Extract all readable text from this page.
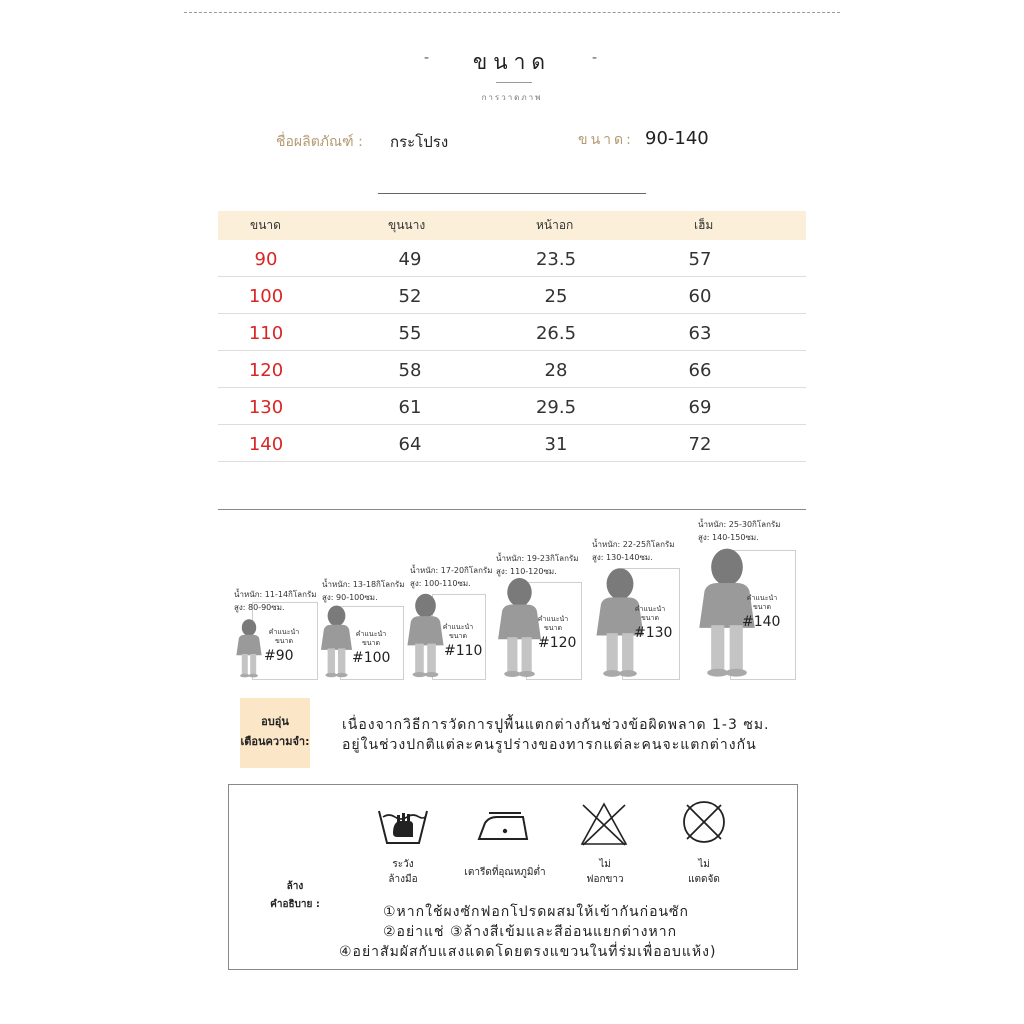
-	ขนาด	-
การวาดภาพ
ชื่อผลิตภัณฑ์ : กระโปรง	ขนาด: 90-140
ขนาด	ขุนนาง	หน้าอก	เฮ็ม
90	49	23.5	57
100	52	25	60
110	55	26.5	63
120	58	28	66
130	61	29.5	69
140	64	31	72
น้ำหนัก: 11-14กิโลกรัม
สูง: 80-90ซม.
คำแนะนำ
ขนาด
#90
น้ำหนัก: 13-18กิโลกรัม
สูง: 90-100ซม.
คำแนะนำ
ขนาด
#100
น้ำหนัก: 17-20กิโลกรัม
สูง: 100-110ซม.
คำแนะนำ
ขนาด
#110
น้ำหนัก: 19-23กิโลกรัม
สูง: 110-120ซม.
คำแนะนำ
ขนาด
#120
น้ำหนัก: 22-25กิโลกรัม
สูง: 130-140ซม.
คำแนะนำ
ขนาด
#130
น้ำหนัก: 25-30กิโลกรัม
สูง: 140-150ซม.
คำแนะนำ
ขนาด
#140
อบอุ่น
เตือนความจำ:
เนื่องจากวิธีการวัดการปูพื้นแตกต่างกันช่วงข้อผิดพลาด 1-3 ซม.
อยู่ในช่วงปกติแต่ละคนรูปร่างของทารกแต่ละคนจะแตกต่างกัน
ล้าง
คำอธิบาย :
ระวัง
ล้างมือ
เตารีดที่อุณหภูมิต่ำ
ไม่
ฟอกขาว
ไม่
แตดจัด
①หากใช้ผงซักฟอกโปรดผสมให้เข้ากันก่อนซัก
②อย่าแช่ ③ล้างสีเข้มและสีอ่อนแยกต่างหาก
④อย่าสัมผัสกับแสงแดดโดยตรงแขวนในที่ร่มเพื่ออบแห้ง)
